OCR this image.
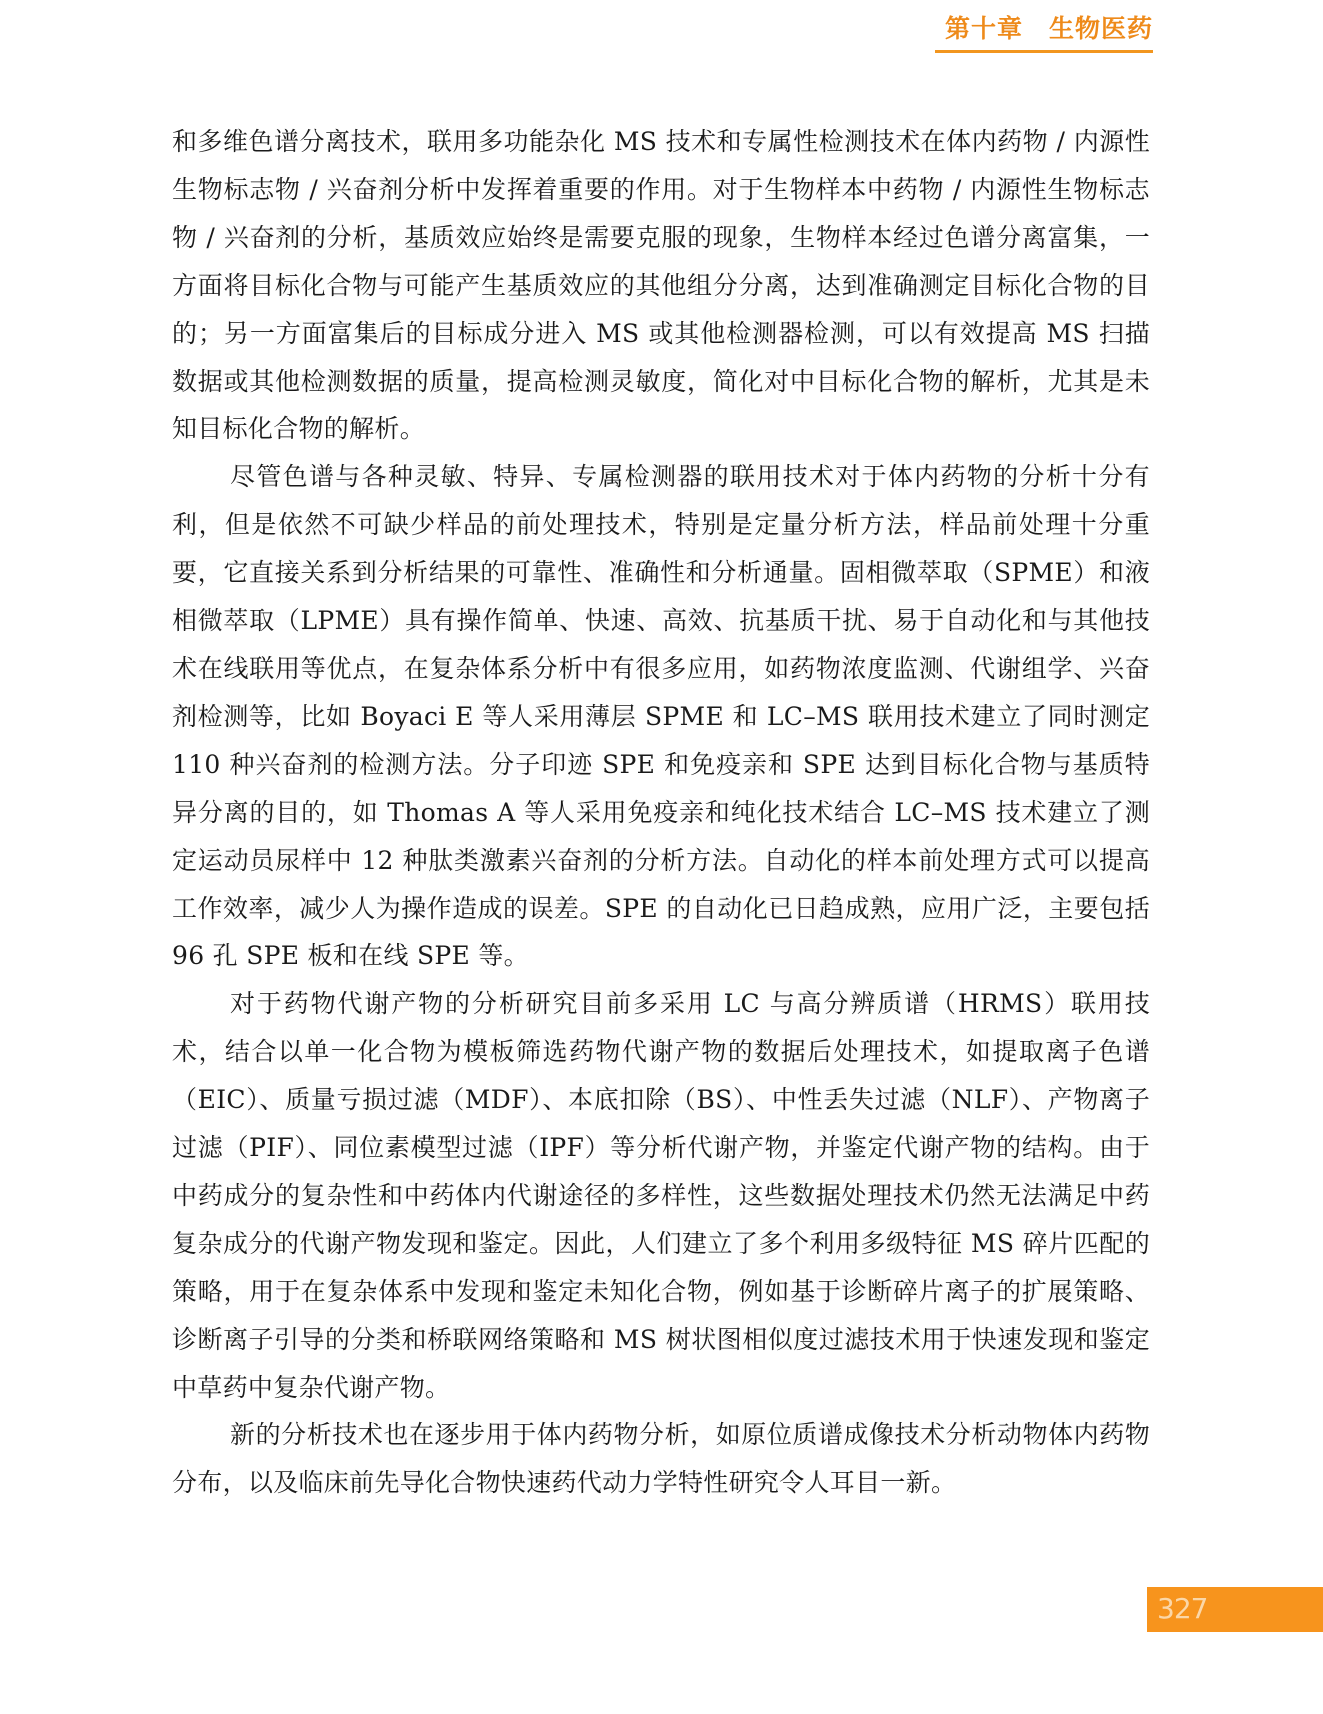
第十章 生物医药

和多维色谱分离技术，联用多功能杂化 MS 技术和专属性检测技术在体内药物 / 内源性生物标志物 / 兴奋剂分析中发挥着重要的作用。对于生物样本中药物 / 内源性生物标志物 / 兴奋剂的分析，基质效应始终是需要克服的现象，生物样本经过色谱分离富集，一方面将目标化合物与可能产生基质效应的其他组分分离，达到准确测定目标化合物的目的；另一方面富集后的目标成分进入 MS 或其他检测器检测，可以有效提高 MS 扫描数据或其他检测数据的质量，提高检测灵敏度，简化对中目标化合物的解析，尤其是未知目标化合物的解析。

尽管色谱与各种灵敏、特异、专属检测器的联用技术对于体内药物的分析十分有利，但是依然不可缺少样品的前处理技术，特别是定量分析方法，样品前处理十分重要，它直接关系到分析结果的可靠性、准确性和分析通量。固相微萃取（SPME）和液相微萃取（LPME）具有操作简单、快速、高效、抗基质干扰、易于自动化和与其他技术在线联用等优点，在复杂体系分析中有很多应用，如药物浓度监测、代谢组学、兴奋剂检测等，比如 Boyaci E 等人采用薄层 SPME 和 LC–MS 联用技术建立了同时测定 110 种兴奋剂的检测方法。分子印迹 SPE 和免疫亲和 SPE 达到目标化合物与基质特异分离的目的，如 Thomas A 等人采用免疫亲和纯化技术结合 LC–MS 技术建立了测定运动员尿样中 12 种肽类激素兴奋剂的分析方法。自动化的样本前处理方式可以提高工作效率，减少人为操作造成的误差。SPE 的自动化已日趋成熟，应用广泛，主要包括 96 孔 SPE 板和在线 SPE 等。

对于药物代谢产物的分析研究目前多采用 LC 与高分辨质谱（HRMS）联用技术，结合以单一化合物为模板筛选药物代谢产物的数据后处理技术，如提取离子色谱（EIC）、质量亏损过滤（MDF）、本底扣除（BS）、中性丢失过滤（NLF）、产物离子过滤（PIF）、同位素模型过滤（IPF）等分析代谢产物，并鉴定代谢产物的结构。由于中药成分的复杂性和中药体内代谢途径的多样性，这些数据处理技术仍然无法满足中药复杂成分的代谢产物发现和鉴定。因此，人们建立了多个利用多级特征 MS 碎片匹配的策略，用于在复杂体系中发现和鉴定未知化合物，例如基于诊断碎片离子的扩展策略、诊断离子引导的分类和桥联网络策略和 MS 树状图相似度过滤技术用于快速发现和鉴定中草药中复杂代谢产物。

新的分析技术也在逐步用于体内药物分析，如原位质谱成像技术分析动物体内药物分布，以及临床前先导化合物快速药代动力学特性研究令人耳目一新。

327
